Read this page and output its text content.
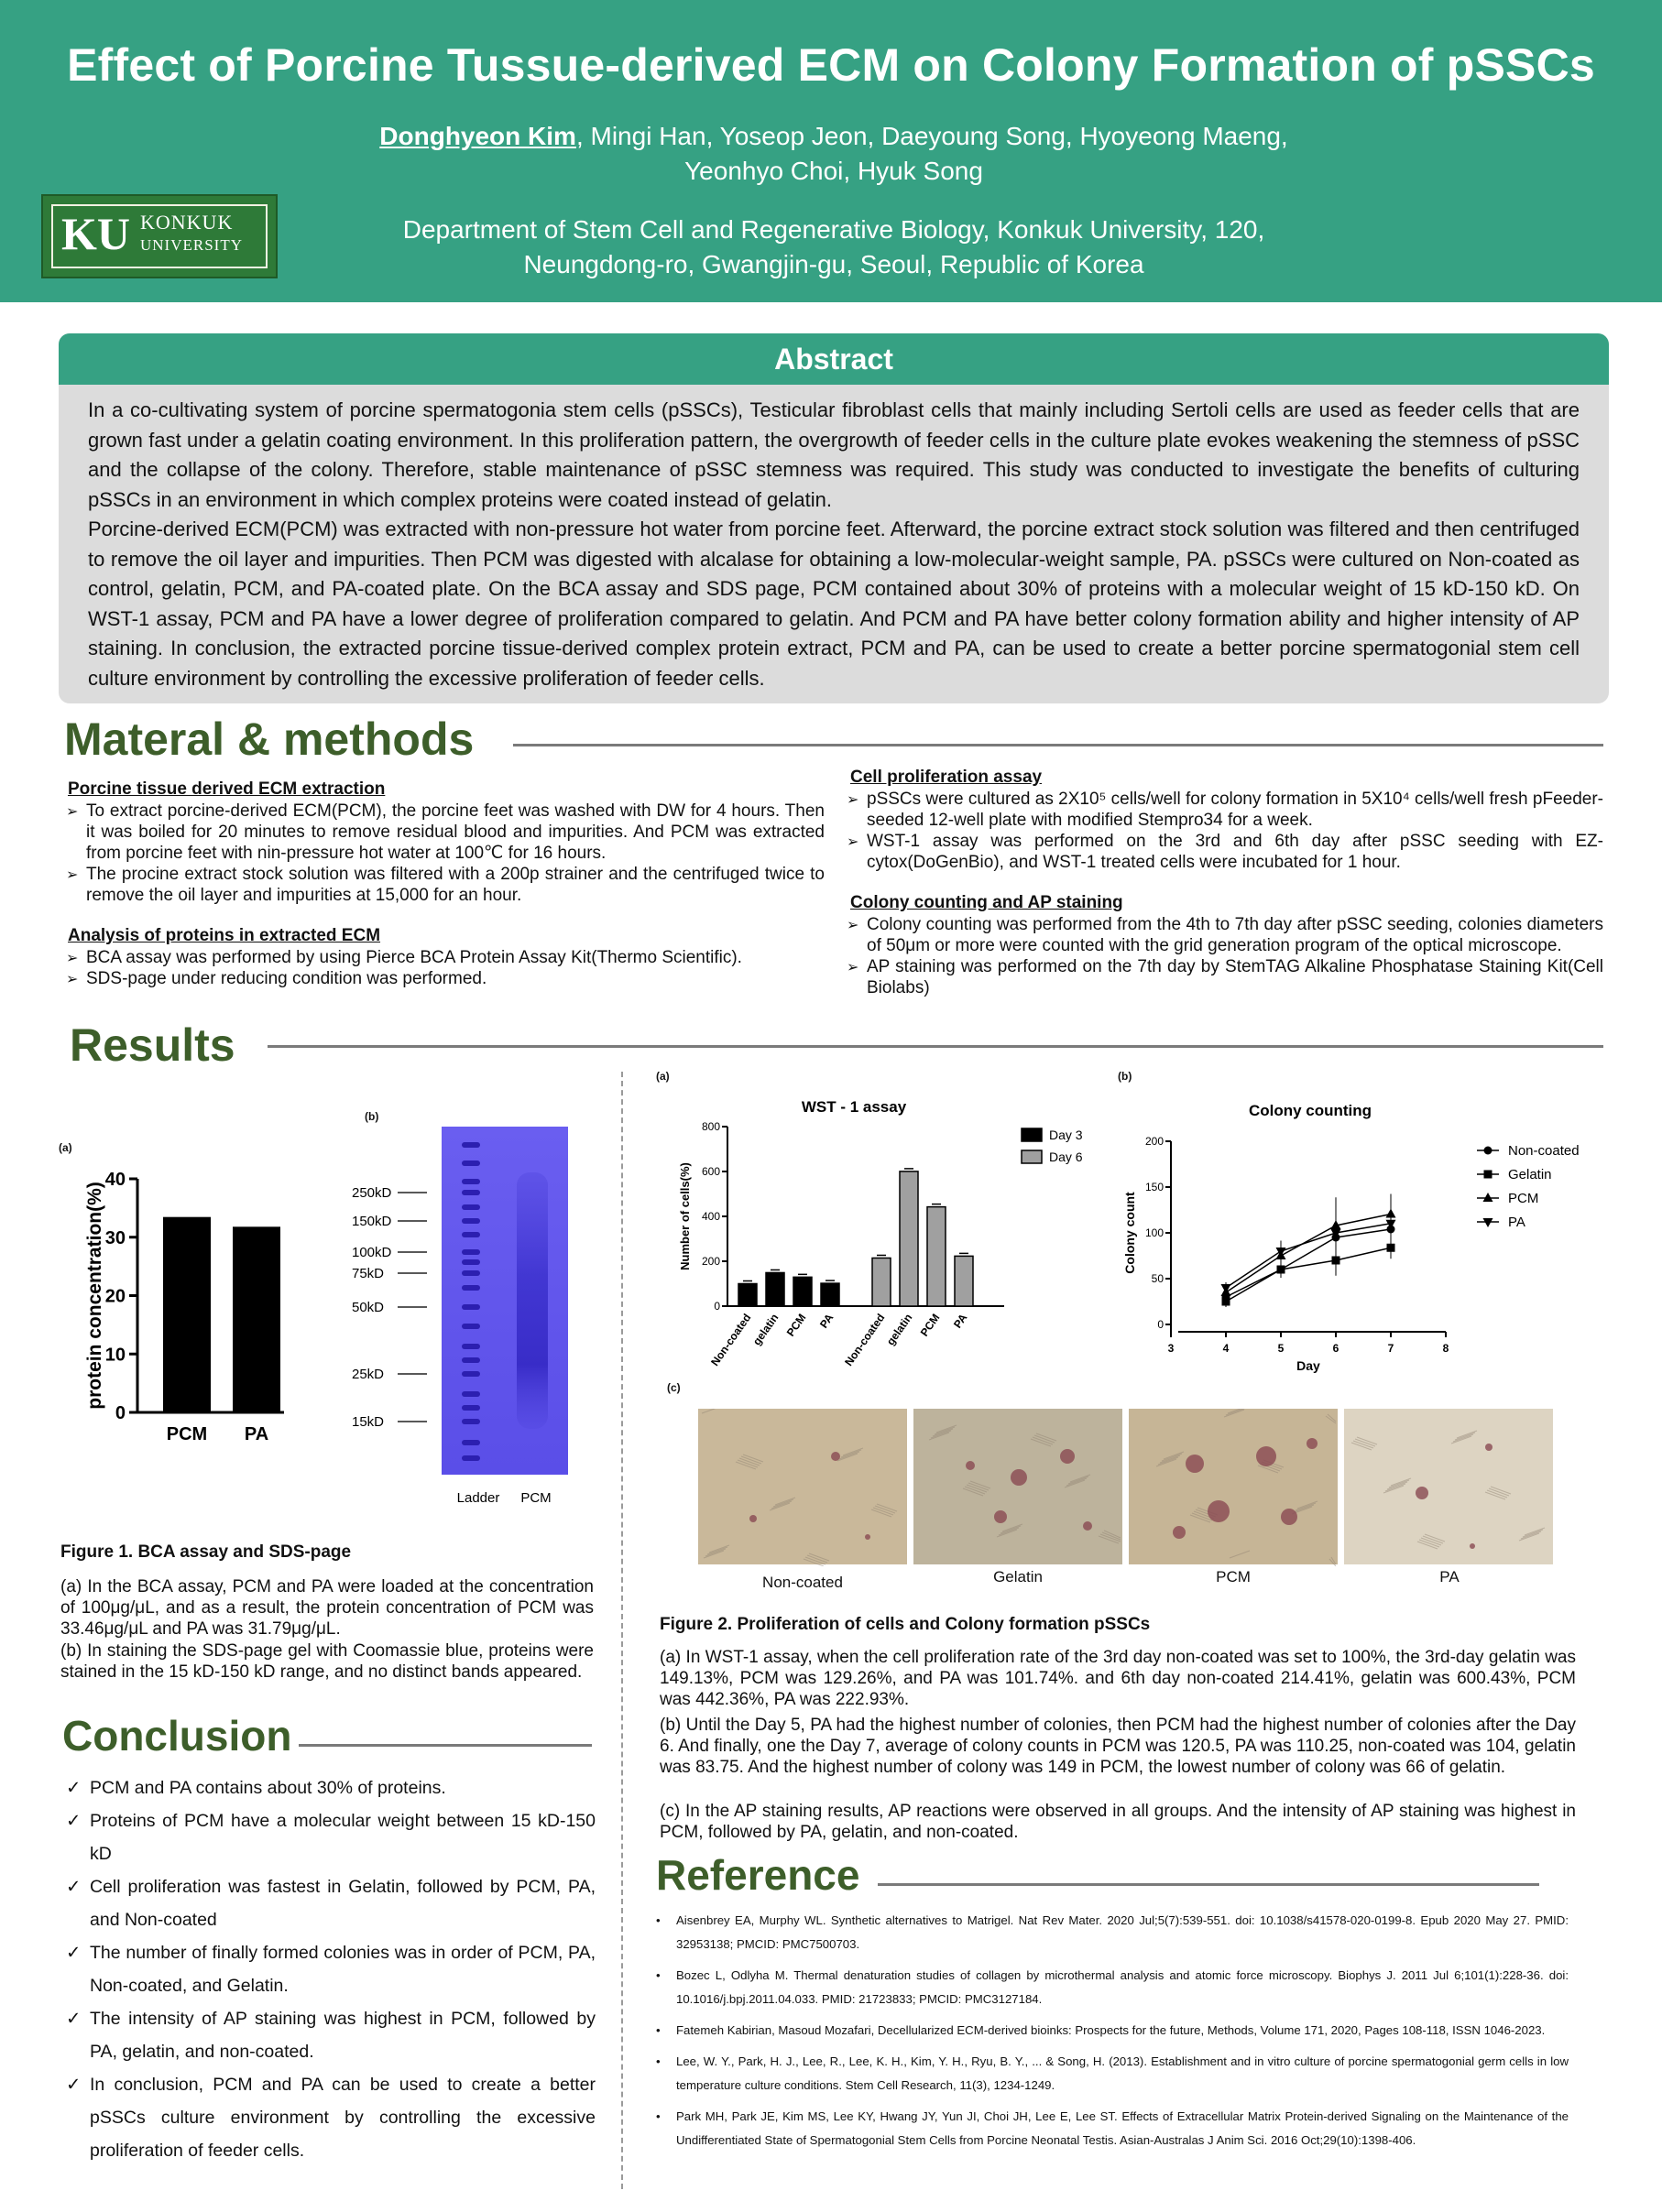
Effect of Porcine Tussue-derived ECM on Colony Formation of pSSCs
Donghyeon Kim, Mingi Han, Yoseop Jeon, Daeyoung Song, Hyoyeong Maeng,
Yeonhyo Choi, Hyuk Song
Department of Stem Cell and Regenerative Biology, Konkuk University, 120,
Neungdong-ro, Gwangjin-gu, Seoul, Republic of Korea
KU KONKUK
UNIVERSITY
Abstract

In a co-cultivating system of porcine spermatogonia stem cells (pSSCs), Testicular fibroblast cells that mainly including Sertoli cells are used as feeder cells that are grown fast under a gelatin coating environment. In this proliferation pattern, the overgrowth of feeder cells in the culture plate evokes weakening the stemness of pSSC and the collapse of the colony. Therefore, stable maintenance of pSSC stemness was required. This study was conducted to investigate the benefits of culturing pSSCs in an environment in which complex proteins were coated instead of gelatin.

Porcine-derived ECM(PCM) was extracted with non-pressure hot water from porcine feet. Afterward, the porcine extract stock solution was filtered and then centrifuged to remove the oil layer and impurities. Then PCM was digested with alcalase for obtaining a low-molecular-weight sample, PA. pSSCs were cultured on Non-coated as control, gelatin, PCM, and PA-coated plate. On the BCA assay and SDS page, PCM contained about 30% of proteins with a molecular weight of 15 kD-150 kD. On WST-1 assay, PCM and PA have a lower degree of proliferation compared to gelatin. And PCM and PA have better colony formation ability and higher intensity of AP staining. In conclusion, the extracted porcine tissue-derived complex protein extract, PCM and PA, can be used to create a better porcine spermatogonial stem cell culture environment by controlling the excessive proliferation of feeder cells.

Materal & methods
Porcine tissue derived ECM extraction
➢ To extract porcine-derived ECM(PCM), the porcine feet was washed with DW for 4 hours. Then it was boiled for 20 minutes to remove residual blood and impurities. And PCM was extracted from porcine feet with nin-pressure hot water at 100℃ for 16 hours.
➢ The procine extract stock solution was filtered with a 200p strainer and the centrifuged twice to remove the oil layer and impurities at 15,000 for an hour.
Analysis of proteins in extracted ECM
➢ BCA assay was performed by using Pierce BCA Protein Assay Kit(Thermo Scientific).
➢ SDS-page under reducing condition was performed.
Cell proliferation assay
➢ pSSCs were cultured as 2X10⁵ cells/well for colony formation in 5X10⁴ cells/well fresh pFeeder-seeded 12-well plate with modified Stempro34 for a week.
➢ WST-1 assay was performed on the 3rd and 6th day after pSSC seeding with EZ-cytox(DoGenBio), and WST-1 treated cells were incubated for 1 hour.
Colony counting and AP staining
➢ Colony counting was performed from the 4th to 7th day after pSSC seeding, colonies diameters of 50μm or more were counted with the grid generation program of the optical microscope.
➢ AP staining was performed on the 7th day by StemTAG Alkaline Phosphatase Staining Kit(Cell Biolabs)
Results
(a)
0
10
20
30
40
PCM PA
protein concentration(%)
(b)
250kD
150kD
100kD
75kD
50kD
25kD
15kD
Ladder PCM
Figure 1. BCA assay and SDS-page
(a) In the BCA assay, PCM and PA were loaded at the concentration of 100μg/μL, and as a result, the protein concentration of PCM was 33.46μg/μL and PA was 31.79μg/μL.
(b) In staining the SDS-page gel with Coomassie blue, proteins were stained in the 15 kD-150 kD range, and no distinct bands appeared.
(a)
WST - 1 assay
0
200
400
600
800
Number of cells(%)
Non-coated
gelatin PCM PA Non-coated
gelatin PCM PA
Day 3
Day 6
(b)
Colony counting
0
50
100
150
200
3	4	5	6	7	8
Day
Colony count
Non-coated
Gelatin
PCM
PA
(c)
Non-coated	Gelatin	PCM	PA
Figure 2. Proliferation of cells and Colony formation pSSCs
(a) In WST-1 assay, when the cell proliferation rate of the 3rd day non-coated was set to 100%, the 3rd-day gelatin was 149.13%, PCM was 129.26%, and PA was 101.74%. and 6th day non-coated 214.41%, gelatin was 600.43%, PCM was 442.36%, PA was 222.93%.
(b) Until the Day 5, PA had the highest number of colonies, then PCM had the highest number of colonies after the Day 6. And finally, one the Day 7, average of colony counts in PCM was 120.5, PA was 110.25, non-coated was 104, gelatin was 83.75. And the highest number of colony was 149 in PCM, the lowest number of colony was 66 of gelatin.
(c) In the AP staining results, AP reactions were observed in all groups. And the intensity of AP staining was highest in PCM, followed by PA, gelatin, and non-coated.
Conclusion
✓ PCM and PA contains about 30% of proteins.
✓ Proteins of PCM have a molecular weight between 15 kD-150 kD
✓ Cell proliferation was fastest in Gelatin, followed by PCM, PA, and Non-coated
✓ The number of finally formed colonies was in order of PCM, PA, Non-coated, and Gelatin.
✓ The intensity of AP staining was highest in PCM, followed by PA, gelatin, and non-coated.
✓ In conclusion, PCM and PA can be used to create a better pSSCs culture environment by controlling the excessive proliferation of feeder cells.
Reference
• Aisenbrey EA, Murphy WL. Synthetic alternatives to Matrigel. Nat Rev Mater. 2020 Jul;5(7):539-551. doi: 10.1038/s41578-020-0199-8. Epub 2020 May 27. PMID: 32953138; PMCID: PMC7500703.
• Bozec L, Odlyha M. Thermal denaturation studies of collagen by microthermal analysis and atomic force microscopy. Biophys J. 2011 Jul 6;101(1):228-36. doi: 10.1016/j.bpj.2011.04.033. PMID: 21723833; PMCID: PMC3127184.
• Fatemeh Kabirian, Masoud Mozafari, Decellularized ECM-derived bioinks: Prospects for the future, Methods, Volume 171, 2020, Pages 108-118, ISSN 1046-2023.
• Lee, W. Y., Park, H. J., Lee, R., Lee, K. H., Kim, Y. H., Ryu, B. Y., ... & Song, H. (2013). Establishment and in vitro culture of porcine spermatogonial germ cells in low temperature culture conditions. Stem Cell Research, 11(3), 1234-1249.
• Park MH, Park JE, Kim MS, Lee KY, Hwang JY, Yun JI, Choi JH, Lee E, Lee ST. Effects of Extracellular Matrix Protein-derived Signaling on the Maintenance of the Undifferentiated State of Spermatogonial Stem Cells from Porcine Neonatal Testis. Asian-Australas J Anim Sci. 2016 Oct;29(10):1398-406.
